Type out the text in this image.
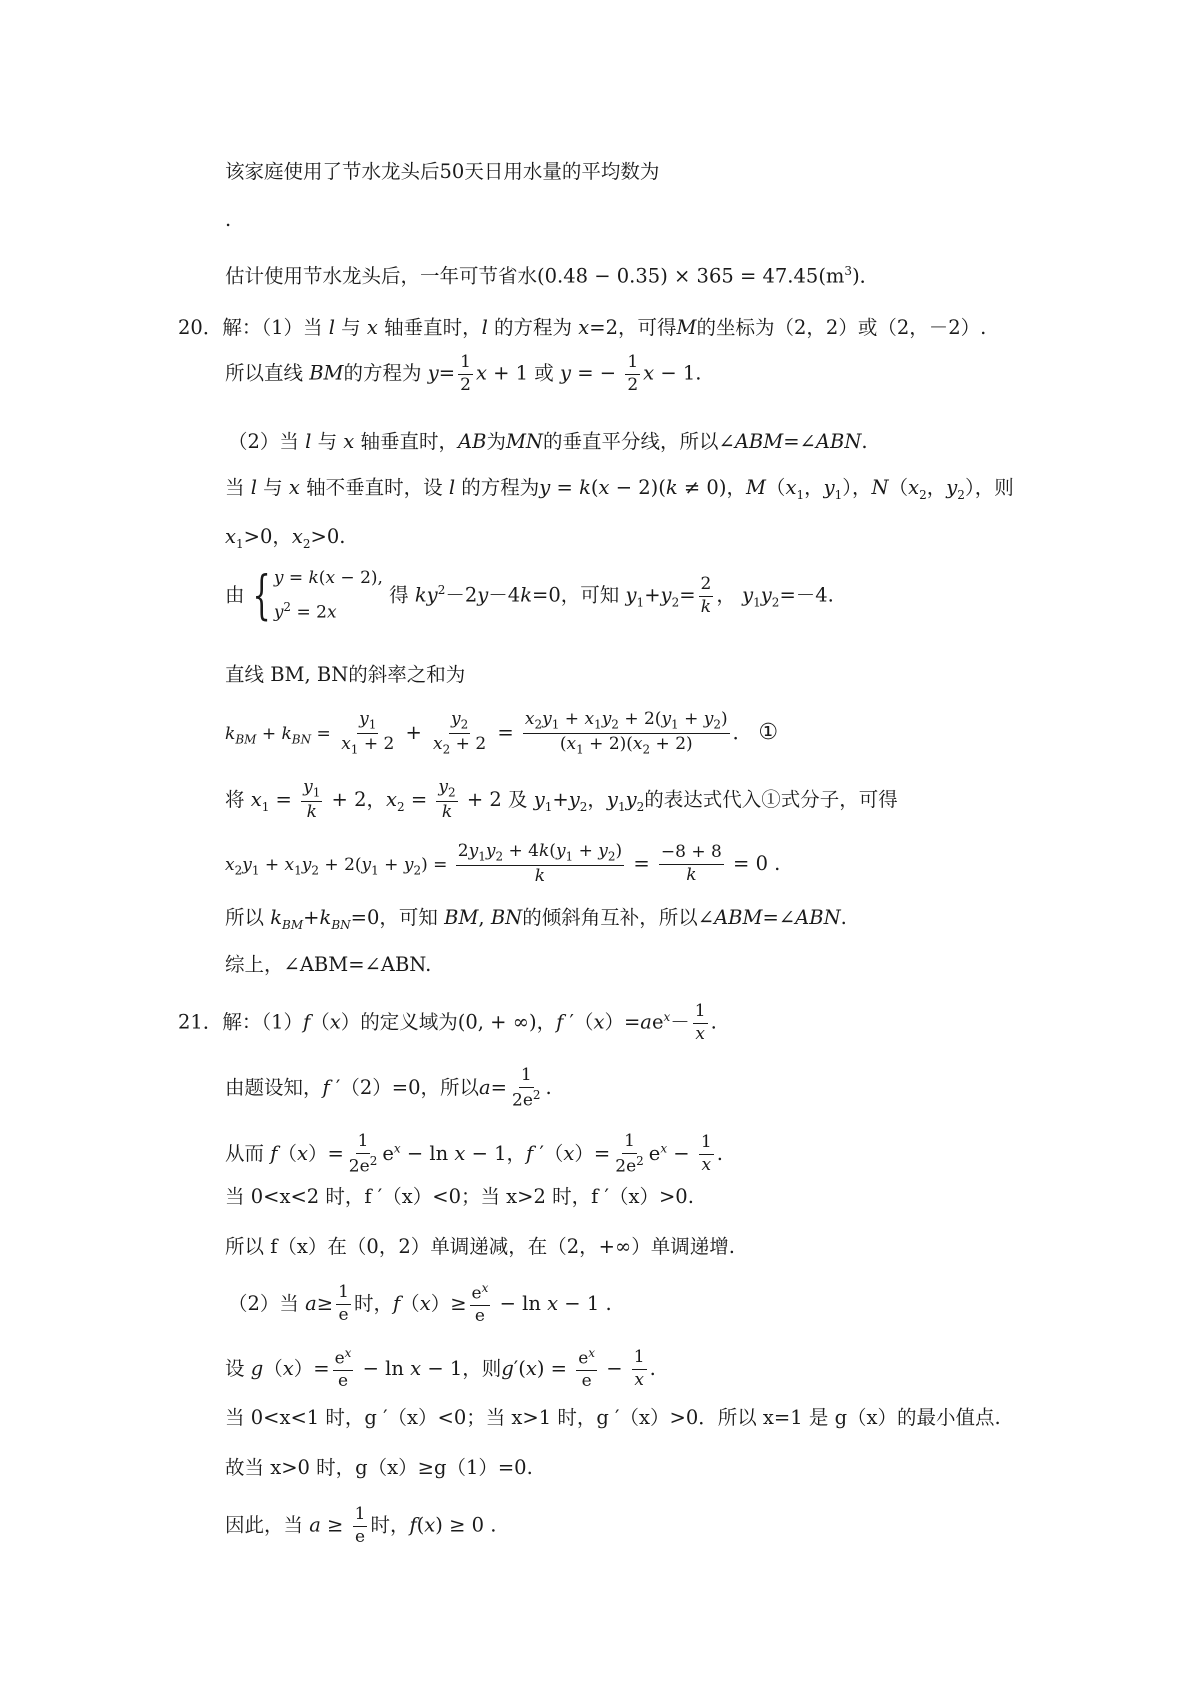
该家庭使用了节水龙头后50天日用水量的平均数为
.
估计使用节水龙头后，一年可节省水$(0.48 - 0.35) \times 365 = 47.45(m^3)$．
20．解：（1）当 l 与 x 轴垂直时，l 的方程为 x=2，可得M的坐标为（2，2）或（2，－2）.
所以直线 BM的方程为 $y= \frac{1}{2}$ x + 1 或 y = − $\frac{1}{2}$ x − 1.
（2）当 l 与 x 轴垂直时，AB为MN的垂直平分线，所以∠ABM=∠ABN.
当 l 与 x 轴不垂直时，设 l 的方程为y = k(x − 2)(k ≠ 0)，$M(x_1$，$y_1$），$N(x_2$，$y_2$），则
$x_1>0$，$x_2>0$.
由 { y = k(x − 2),
$y^2 = 2x$
得 $ky^2-2y-4k=0$，可知 $y_1+y_2= \frac{2}{k}$ ， $y_1y_2=-4$.
直线 BM, BN的斜率之和为
$k_{BM} + k_{BN} = \frac{y_1}{x_1 + 2} + \frac{y_2}{x_2 + 2} = \frac{x_2y_1 + x_1y_2 + 2(y_1 + y_2)}{(x_1 + 2)(x_2 + 2)}$ ． ①
将 $x_1 = \frac{y_1}{k} + 2$，$x_2 = \frac{y_2}{k} + 2$ 及 $y_1+y_2$，$y_1y_2$的表达式代入①式分子，可得
$x_2y_1 + x_1y_2 + 2(y_1 + y_2) = \frac{2y_1y_2 + 4k(y_1 + y_2)}{k} = \frac{-8 + 8}{k} = 0$ .
所以 $k_{BM}+k_{BN}=0$，可知 BM, BN的倾斜角互补，所以∠ABM=∠ABN.
综上，∠ABM=∠ABN.
21．解：（1）f（x）的定义域为(0, + ∞)，f $'(x)=ae^x- \frac{1}{x}$ .
由题设知，f ′（2）=0，所以$a= \frac{1}{2e^2}$ .
从而 $f(x)= \frac{1}{2e^2} e^x - \ln x - 1$，f $'(x)= \frac{1}{2e^2} e^x - \frac{1}{x}$ .
当 0<x<2 时，f ′（x）<0；当 x>2 时，f ′（x）>0.
所以 f（x）在（0，2）单调递减，在（2，+∞）单调递增.
（2）当 $a\ge \frac{1}{e}$ 时，$f(x)\ge \frac{e^x}{e} - \ln x - 1$ .
设 $g(x)= \frac{e^x}{e} - \ln x - 1$，则$g'(x) = \frac{e^x}{e} - \frac{1}{x}$ .
当 0<x<1 时，g ′（x）<0；当 x>1 时，g ′（x）>0．所以 x=1 是 g（x）的最小值点.
故当 x>0 时，g（x）≥g（1）=0.
因此，当 $a \ge \frac{1}{e}$ 时，f(x) ≥ 0 .
